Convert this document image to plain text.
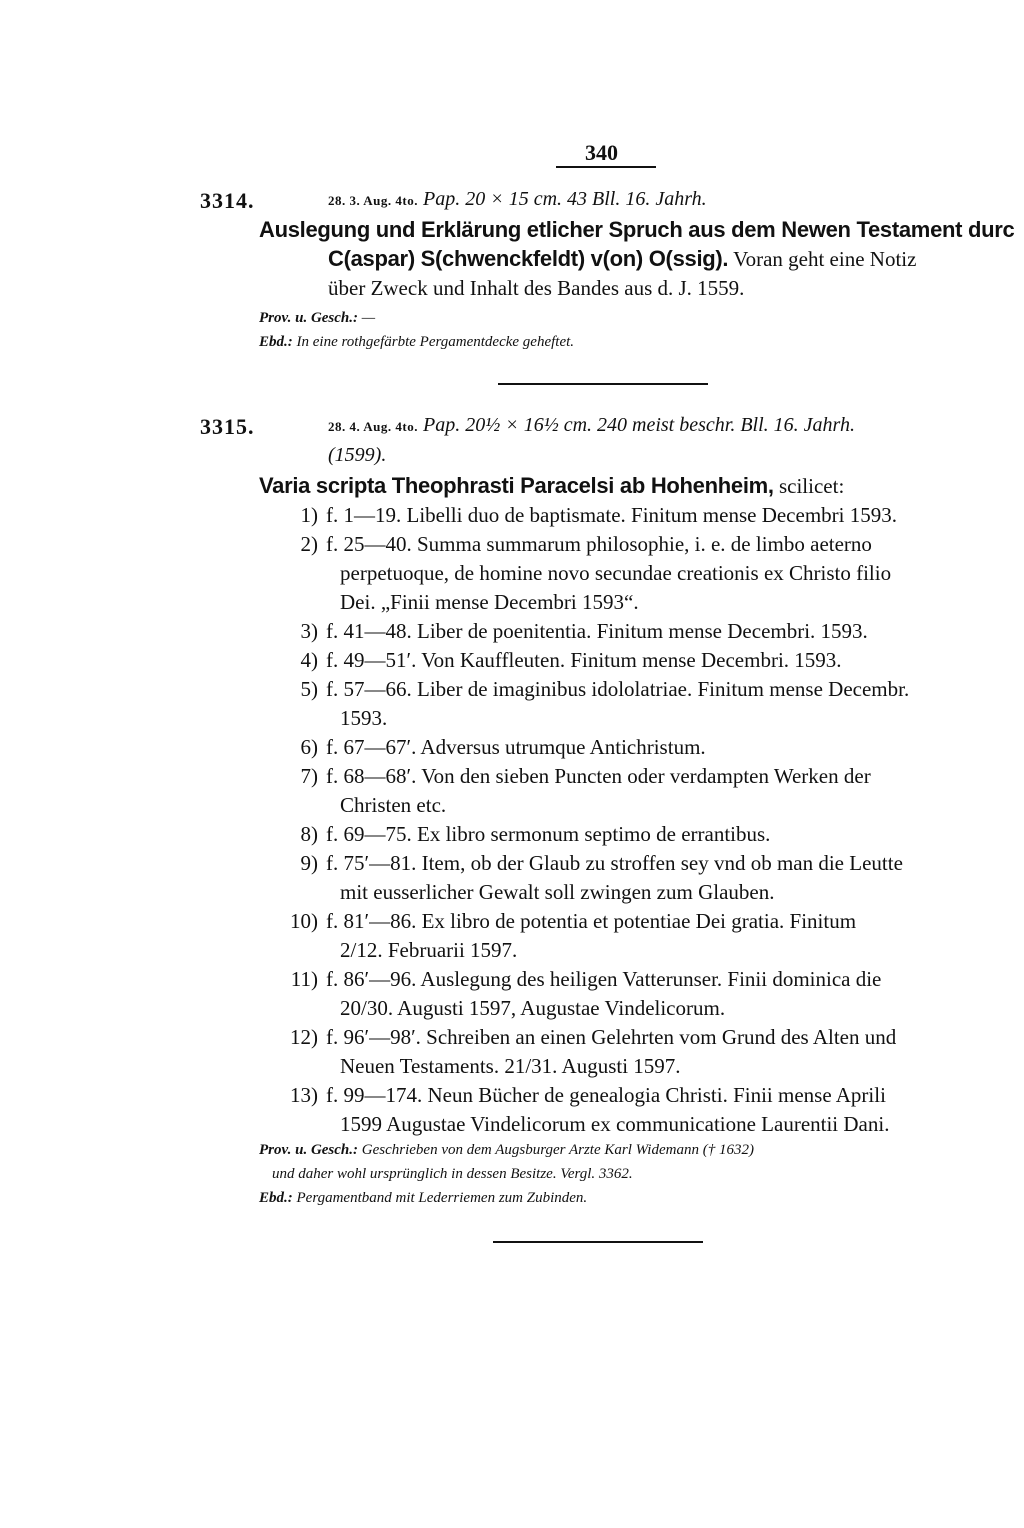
340
3314.	28. 3. Aug. 4to. Pap. 20 × 15 cm. 43 Bll. 16. Jahrh.
Auslegung und Erklärung etlicher Spruch aus dem Newen Testament durc
C(aspar) S(chwenckfeldt) v(on) O(ssig). Voran geht eine Notiz
über Zweck und Inhalt des Bandes aus d. J. 1559.
Prov. u. Gesch.: —
Ebd.: In eine rothgefärbte Pergamentdecke geheftet.
3315.	28. 4. Aug. 4to. Pap. 20½ × 16½ cm. 240 meist beschr. Bll. 16. Jahrh.
(1599).
Varia scripta Theophrasti Paracelsi ab Hohenheim, scilicet:
1) f. 1—19. Libelli duo de baptismate. Finitum mense Decembri 1593.
2) f. 25—40. Summa summarum philosophie, i. e. de limbo aeterno
perpetuoque, de homine novo secundae creationis ex Christo filio
Dei. „Finii mense Decembri 1593“.
3) f. 41—48. Liber de poenitentia. Finitum mense Decembri. 1593.
4) f. 49—51′. Von Kauffleuten. Finitum mense Decembri. 1593.
5) f. 57—66. Liber de imaginibus idololatriae. Finitum mense Decembr.
1593.
6) f. 67—67′. Adversus utrumque Antichristum.
7) f. 68—68′. Von den sieben Puncten oder verdampten Werken der
Christen etc.
8) f. 69—75. Ex libro sermonum septimo de errantibus.
9) f. 75′—81. Item, ob der Glaub zu stroffen sey vnd ob man die Leutte
mit eusserlicher Gewalt soll zwingen zum Glauben.
10) f. 81′—86. Ex libro de potentia et potentiae Dei gratia. Finitum
2/12. Februarii 1597.
11) f. 86′—96. Auslegung des heiligen Vatterunser. Finii dominica die
20/30. Augusti 1597, Augustae Vindelicorum.
12) f. 96′—98′. Schreiben an einen Gelehrten vom Grund des Alten und
Neuen Testaments. 21/31. Augusti 1597.
13) f. 99—174. Neun Bücher de genealogia Christi. Finii mense Aprili
1599 Augustae Vindelicorum ex communicatione Laurentii Dani.
Prov. u. Gesch.: Geschrieben von dem Augsburger Arzte Karl Widemann († 1632)
und daher wohl ursprünglich in dessen Besitze. Vergl. 3362.
Ebd.: Pergamentband mit Lederriemen zum Zubinden.
